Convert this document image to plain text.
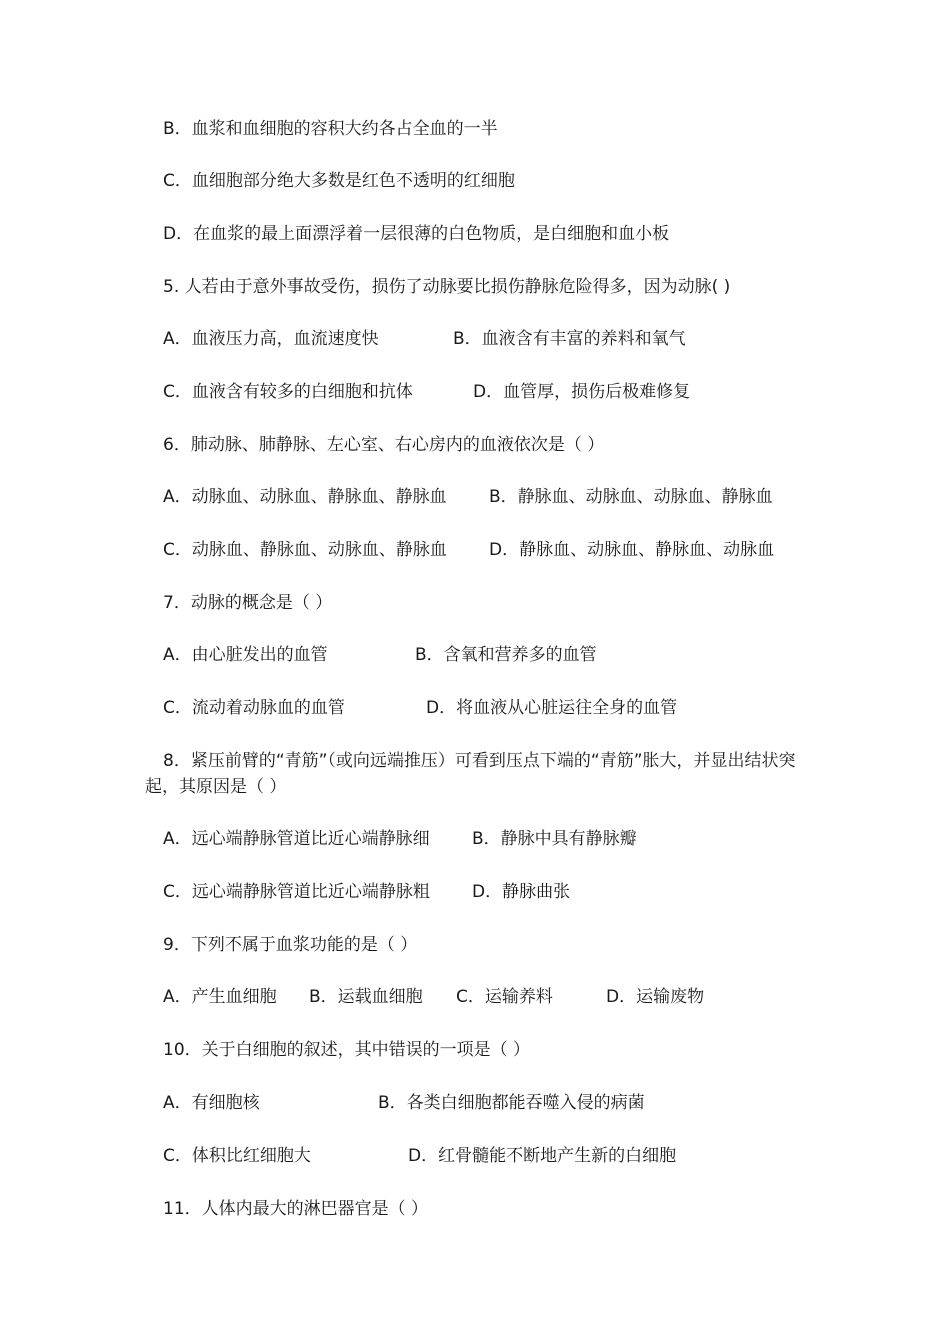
B．血浆和血细胞的容积大约各占全血的一半
C．血细胞部分绝大多数是红色不透明的红细胞
D．在血浆的最上面漂浮着一层很薄的白色物质，是白细胞和血小板
5. 人若由于意外事故受伤，损伤了动脉要比损伤静脉危险得多，因为动脉( )
A．血液压力高，血流速度快	B．血液含有丰富的养料和氧气
C．血液含有较多的白细胞和抗体	D．血管厚，损伤后极难修复
6．肺动脉、肺静脉、左心室、右心房内的血液依次是（ ）
A．动脉血、动脉血、静脉血、静脉血 B．静脉血、动脉血、动脉血、静脉血
C．动脉血、静脉血、动脉血、静脉血 D．静脉血、动脉血、静脉血、动脉血
7．动脉的概念是（ ）
A．由心脏发出的血管	B．含氧和营养多的血管
C．流动着动脉血的血管	D．将血液从心脏运往全身的血管
8．紧压前臂的“青筋”（或向远端推压）可看到压点下端的“青筋”胀大，并显出结状突起，其原因是（ ）
A．远心端静脉管道比近心端静脉细 B．静脉中具有静脉瓣
C．远心端静脉管道比近心端静脉粗 D．静脉曲张
9．下列不属于血浆功能的是（ ）
A．产生血细胞 B．运载血细胞 C．运输养料	D．运输废物
10．关于白细胞的叙述，其中错误的一项是（ ）
A．有细胞核	B．各类白细胞都能吞噬入侵的病菌
C．体积比红细胞大	D．红骨髓能不断地产生新的白细胞
11．人体内最大的淋巴器官是（ ）
